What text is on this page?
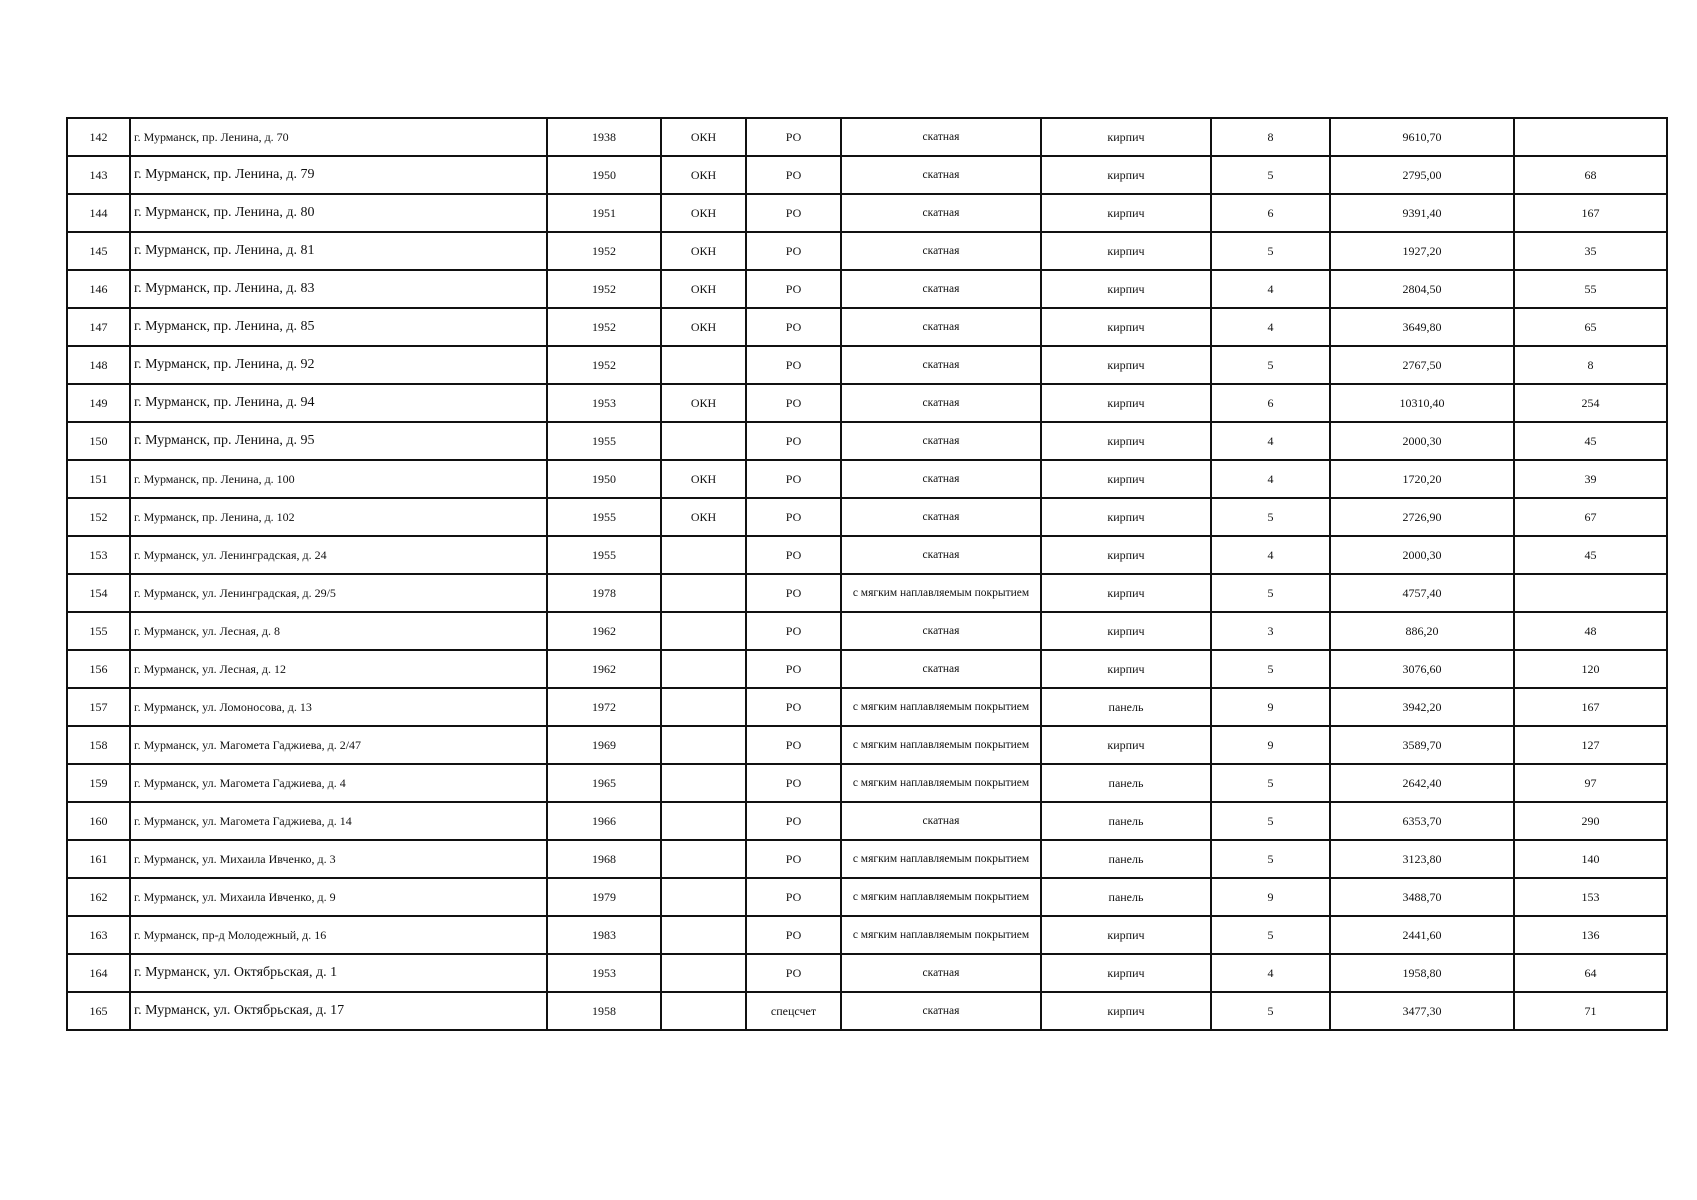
142	г. Мурманск, пр. Ленина, д. 70	1938	ОКН	РО	скатная	кирпич	8	9610,70	
143	г. Мурманск, пр. Ленина, д. 79	1950	ОКН	РО	скатная	кирпич	5	2795,00	68
144	г. Мурманск, пр. Ленина, д. 80	1951	ОКН	РО	скатная	кирпич	6	9391,40	167
145	г. Мурманск, пр. Ленина, д. 81	1952	ОКН	РО	скатная	кирпич	5	1927,20	35
146	г. Мурманск, пр. Ленина, д. 83	1952	ОКН	РО	скатная	кирпич	4	2804,50	55
147	г. Мурманск, пр. Ленина, д. 85	1952	ОКН	РО	скатная	кирпич	4	3649,80	65
148	г. Мурманск, пр. Ленина, д. 92	1952		РО	скатная	кирпич	5	2767,50	8
149	г. Мурманск, пр. Ленина, д. 94	1953	ОКН	РО	скатная	кирпич	6	10310,40	254
150	г. Мурманск, пр. Ленина, д. 95	1955		РО	скатная	кирпич	4	2000,30	45
151	г. Мурманск, пр. Ленина, д. 100	1950	ОКН	РО	скатная	кирпич	4	1720,20	39
152	г. Мурманск, пр. Ленина, д. 102	1955	ОКН	РО	скатная	кирпич	5	2726,90	67
153	г. Мурманск, ул. Ленинградская, д. 24	1955		РО	скатная	кирпич	4	2000,30	45
154	г. Мурманск, ул. Ленинградская, д. 29/5	1978		РО	с мягким наплавляемым покрытием	кирпич	5	4757,40	
155	г. Мурманск, ул. Лесная, д. 8	1962		РО	скатная	кирпич	3	886,20	48
156	г. Мурманск, ул. Лесная, д. 12	1962		РО	скатная	кирпич	5	3076,60	120
157	г. Мурманск, ул. Ломоносова, д. 13	1972		РО	с мягким наплавляемым покрытием	панель	9	3942,20	167
158	г. Мурманск, ул. Магомета Гаджиева, д. 2/47	1969		РО	с мягким наплавляемым покрытием	кирпич	9	3589,70	127
159	г. Мурманск, ул. Магомета Гаджиева, д. 4	1965		РО	с мягким наплавляемым покрытием	панель	5	2642,40	97
160	г. Мурманск, ул. Магомета Гаджиева, д. 14	1966		РО	скатная	панель	5	6353,70	290
161	г. Мурманск, ул. Михаила Ивченко, д. 3	1968		РО	с мягким наплавляемым покрытием	панель	5	3123,80	140
162	г. Мурманск, ул. Михаила Ивченко, д. 9	1979		РО	с мягким наплавляемым покрытием	панель	9	3488,70	153
163	г. Мурманск, пр-д Молодежный, д. 16	1983		РО	с мягким наплавляемым покрытием	кирпич	5	2441,60	136
164	г. Мурманск, ул. Октябрьская, д. 1	1953		РО	скатная	кирпич	4	1958,80	64
165	г. Мурманск, ул. Октябрьская, д. 17	1958		спецсчет	скатная	кирпич	5	3477,30	71
